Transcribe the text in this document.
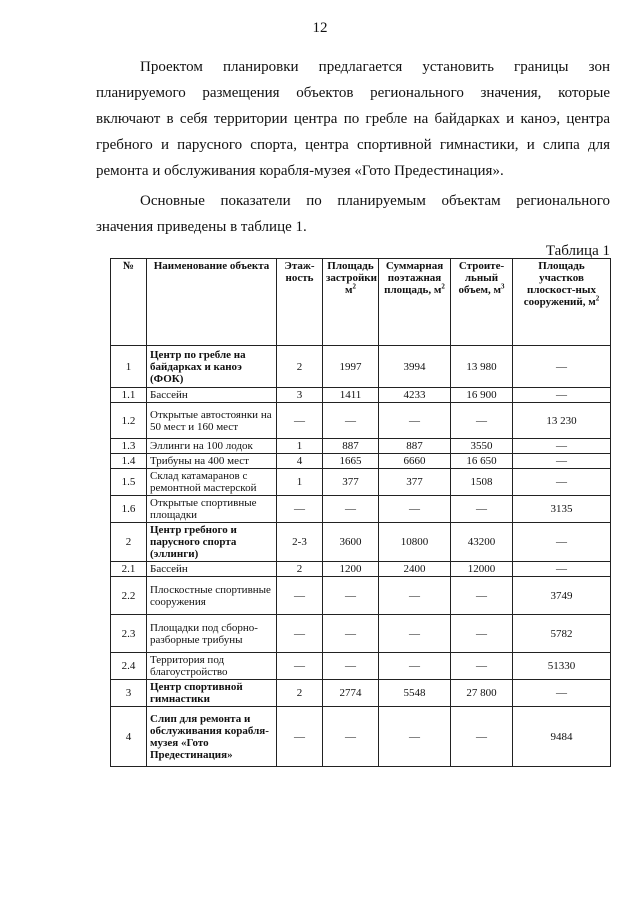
12
Проектом планировки предлагается установить границы зон
планируемого размещения объектов регионального значения, которые
включают в себя территории центра по гребле на байдарках и каноэ, центра
гребного и парусного спорта, центра спортивной гимнастики, и слипа для
ремонта и обслуживания корабля-музея «Гото Предестинация».
Основные показатели по планируемым объектам регионального
значения приведены в таблице 1.
Таблица 1
№	Наименование объекта	Этаж-ность	Площадь застройки $м^2$	Суммарная поэтажная площадь, $м^2$	Строите-льный объем, $м^3$	Площадь участков плоскост-ных сооружений, $м^2$
1	Центр по гребле на байдарках и каноэ (ФОК)	2	1997	3994	13 980	—
1.1	Бассейн	3	1411	4233	16 900	—
1.2	Открытые автостоянки на 50 мест и 160 мест	—	—	—	—	13 230
1.3	Эллинги на 100 лодок	1	887	887	3550	—
1.4	Трибуны на 400 мест	4	1665	6660	16 650	—
1.5	Склад катамаранов с ремонтной мастерской	1	377	377	1508	—
1.6	Открытые спортивные площадки	—	—	—	—	3135
2	Центр гребного и парусного спорта (эллинги)	2-3	3600	10800	43200	—
2.1	Бассейн	2	1200	2400	12000	—
2.2	Плоскостные спортивные сооружения	—	—	—	—	3749
2.3	Площадки под сборно-разборные трибуны	—	—	—	—	5782
2.4	Территория под благоустройство	—	—	—	—	51330
3	Центр спортивной гимнастики	2	2774	5548	27 800	—
4	Слип для ремонта и обслуживания корабля-музея «Гото Предестинация»	—	—	—	—	9484
